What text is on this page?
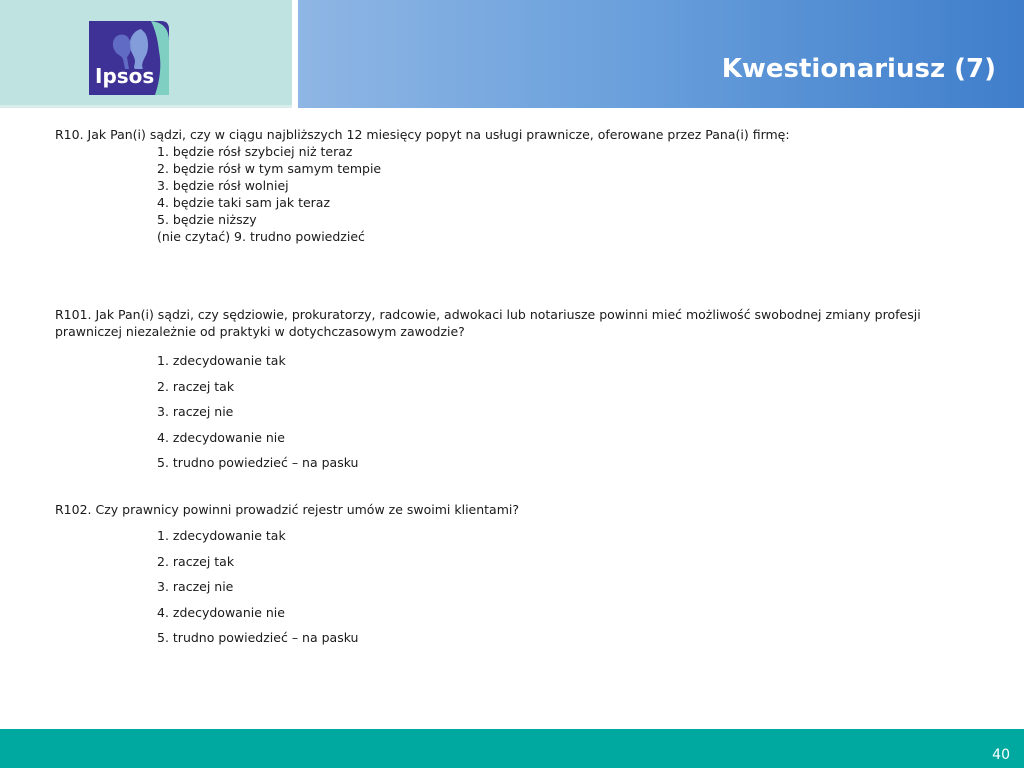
Ipsos	Kwestionariusz (7)

R10. Jak Pan(i) sądzi, czy w ciągu najbliższych 12 miesięcy popyt na usługi prawnicze, oferowane przez Pana(i) firmę:

1. będzie rósł szybciej niż teraz
2. będzie rósł w tym samym tempie
3. będzie rósł wolniej
4. będzie taki sam jak teraz
5. będzie niższy
(nie czytać) 9. trudno powiedzieć

R101. Jak Pan(i) sądzi, czy sędziowie, prokuratorzy, radcowie, adwokaci lub notariusze powinni mieć możliwość swobodnej zmiany profesji prawniczej niezależnie od praktyki w dotychczasowym zawodzie?

1. zdecydowanie tak
2. raczej tak
3. raczej nie
4. zdecydowanie nie
5. trudno powiedzieć – na pasku

R102. Czy prawnicy powinni prowadzić rejestr umów ze swoimi klientami?

1. zdecydowanie tak
2. raczej tak
3. raczej nie
4. zdecydowanie nie
5. trudno powiedzieć – na pasku
40
